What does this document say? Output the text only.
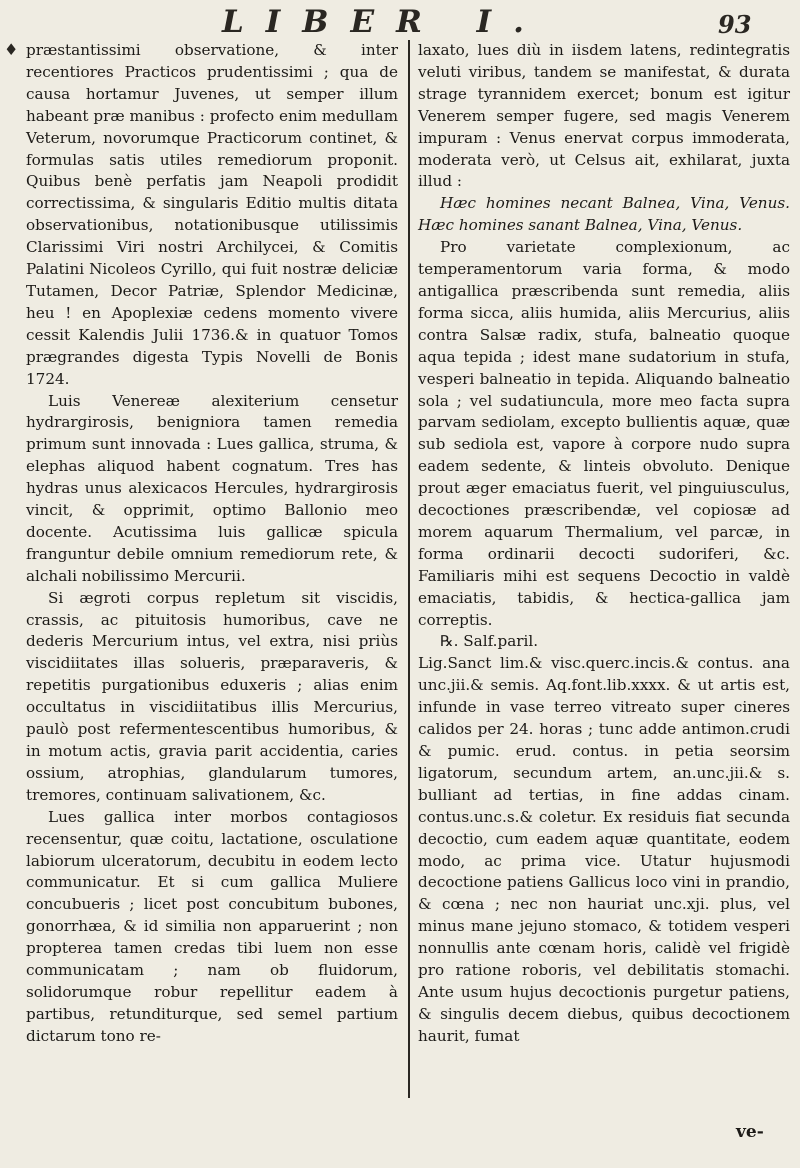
LIBER I.	93
♦ præstantissimi observatione, & inter recentiores Practicos prudentissimi ; qua de causa hortamur Juvenes, ut semper illum habeant præ manibus : profecto enim medullam Veterum, novorumque Practicorum continet, & formulas satis utiles remediorum proponit. Quibus benè perfatis jam Neapoli prodidit correctissima, & singularis Editio multis ditata observationibus, notationibusque utilissimis Clarissimi Viri nostri Archilycei, & Comitis Palatini Nicoleos Cyrillo, qui fuit nostræ deliciæ Tutamen, Decor Patriæ, Splendor Medicinæ, heu ! en Apoplexiæ cedens momento vivere cessit Kalendis Julii 1736.& in quatuor Tomos prægrandes digesta Typis Novelli de Bonis 1724.

Luis Venereæ alexiterium censetur hydrargirosis, benigniora tamen remedia primum sunt innovada : Lues gallica, struma, & elephas aliquod habent cognatum. Tres has hydras unus alexicacos Hercules, hydrargirosis vincit, & opprimit, optimo Ballonio meo docente. Acutissima luis gallicæ spicula franguntur debile omnium remediorum rete, & alchali nobilissimo Mercurii.

Si ægroti corpus repletum sit viscidis, crassis, ac pituitosis humoribus, cave ne dederis Mercurium intus, vel extra, nisi priùs viscidiitates illas solueris, præparaveris, & repetitis purgationibus eduxeris ; alias enim occultatus in viscidiitatibus illis Mercurius, paulò post refermentescentibus humoribus, & in motum actis, gravia parit accidentia, caries ossium, atrophias, glandularum tumores, tremores, continuam salivationem, &c.

Lues gallica inter morbos contagiosos recensentur, quæ coitu, lactatione, osculatione labiorum ulceratorum, decubitu in eodem lecto communicatur. Et si cum gallica Muliere concubueris ; licet post concubitum bubones, gonorrhæa, & id similia non apparuerint ; non propterea tamen credas tibi luem non esse communicatam ; nam ob fluidorum, solidorumque robur repellitur eadem à partibus, retunditurque, sed semel partium dictarum tono re-

laxato, lues diù in iisdem latens, redintegratis veluti viribus, tandem se manifestat, & durata strage tyrannidem exercet; bonum est igitur Venerem semper fugere, sed magis Venerem impuram : Venus enervat corpus immoderata, moderata verò, ut Celsus ait, exhilarat, juxta illud :

Hæc homines necant Balnea, Vina, Venus. Hæc homines sanant Balnea, Vina, Venus.

Pro varietate complexionum, ac temperamentorum varia forma, & modo antigallica præscribenda sunt remedia, aliis forma sicca, aliis humida, aliis Mercurius, aliis contra Salsæ radix, stufa, balneatio quoque aqua tepida ; idest mane sudatorium in stufa, vesperi balneatio in tepida. Aliquando balneatio sola ; vel sudatiuncula, more meo facta supra parvam sediolam, excepto bullientis aquæ, quæ sub sediola est, vapore à corpore nudo supra eadem sedente, & linteis obvoluto. Denique prout æger emaciatus fuerit, vel pinguiusculus, decoctiones præscribendæ, vel copiosæ ad morem aquarum Thermalium, vel parcæ, in forma ordinarii decocti sudoriferi, &c. Familiaris mihi est sequens Decoctio in valdè emaciatis, tabidis, & hectica-gallica jam correptis.

℞. Salf.paril.

Lig.Sanct lim.& visc.querc.incis.& contus. ana unc.jii.& semis. Aq.font.lib.xxxx. & ut artis est, infunde in vase terreo vitreato super cineres calidos per 24. horas ; tunc adde antimon.crudi & pumic. erud. contus. in petia seorsim ligatorum, secundum artem, an.unc.jii.& s. bulliant ad tertias, in fine addas cinam. contus.unc.s.& coletur. Ex residuis fiat secunda decoctio, cum eadem aquæ quantitate, eodem modo, ac prima vice. Utatur hujusmodi decoctione patiens Gallicus loco vini in prandio, & cœna ; nec non hauriat unc.xji. plus, vel minus mane jejuno stomaco, & totidem vesperi nonnullis ante cœnam horis, calidè vel frigidè pro ratione roboris, vel debilitatis stomachi. Ante usum hujus decoctionis purgetur patiens, & singulis decem diebus, quibus decoctionem haurit, fumat

ve-
